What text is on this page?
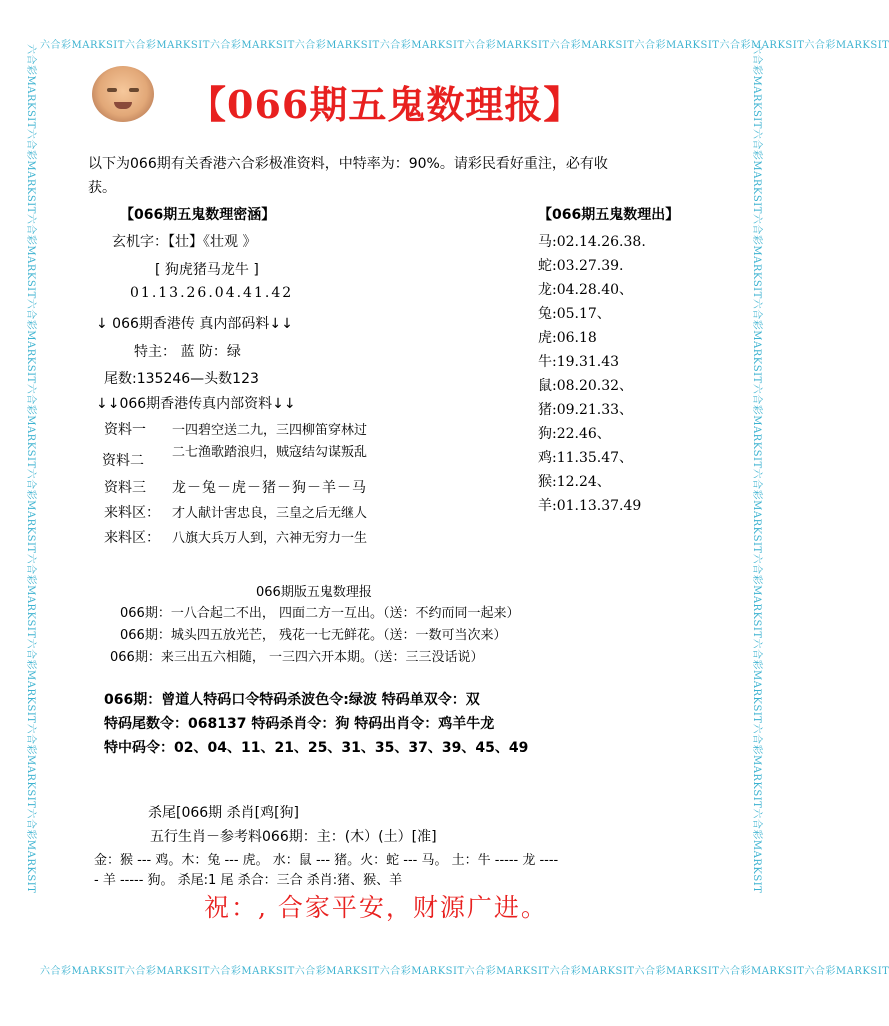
六合彩MARKSIT六合彩MARKSIT六合彩MARKSIT六合彩MARKSIT六合彩MARKSIT六合彩MARKSIT六合彩MARKSIT六合彩MARKSIT六合彩MARKSIT六合彩MARKSIT
六合彩MARKSIT六合彩MARKSIT六合彩MARKSIT六合彩MARKSIT六合彩MARKSIT六合彩MARKSIT六合彩MARKSIT六合彩MARKSIT六合彩MARKSIT六合彩MARKSIT
六合彩MARKSIT六合彩MARKSIT六合彩MARKSIT六合彩MARKSIT六合彩MARKSIT六合彩MARKSIT六合彩MARKSIT六合彩MARKSIT六合彩MARKSIT六合彩MARKSIT	六合彩MARKSIT六合彩MARKSIT六合彩MARKSIT六合彩MARKSIT六合彩MARKSIT六合彩MARKSIT六合彩MARKSIT六合彩MARKSIT六合彩MARKSIT六合彩MARKSIT
【066期五鬼数理报】
以下为066期有关香港六合彩极准资料，中特率为：90%。请彩民看好重注，必有收
获。
【066期五鬼数理密涵】
玄机字：【壮】《壮观 》
[ 狗虎猪马龙牛 ]
01.13.26.04.41.42
↓ 066期香港传 真内部码料↓↓
特主： 蓝 防：绿
尾数:135246—头数123
↓↓066期香港传真内部资料↓↓
资料一 一四碧空送二九，三四柳笛穿林过
资料二
二七渔歌踏浪归，贼寇结勾谋叛乱
资料三 龙－兔－虎－猪－狗－羊－马
来料区： 才人献计害忠良，三皇之后无继人
来料区： 八旗大兵万人到，六神无穷力一生
【066期五鬼数理出】
马:02.14.26.38.
蛇:03.27.39.
龙:04.28.40、
兔:05.17、
虎:06.18
牛:19.31.43
鼠:08.20.32、
猪:09.21.33、
狗:22.46、
鸡:11.35.47、
猴:12.24、
羊:01.13.37.49
066期版五鬼数理报
066期：一八合起二不出， 四面二方一互出。（送：不约而同一起来）
066期：城头四五放光芒， 残花一七无鲜花。（送：一数可当次来）
066期：来三出五六相随， 一三四六开本期。（送：三三没话说）
066期：曾道人特码口令特码杀波色令:绿波 特码单双令：双
特码尾数令：068137 特码杀肖令：狗 特码出肖令：鸡羊牛龙
特中码令：02、04、11、21、25、31、35、37、39、45、49
杀尾[066期 杀肖[鸡[狗]
五行生肖－参考料066期：主：(木）(土）[准]
金：猴 --- 鸡。木：兔 --- 虎。 水：鼠 --- 猪。火：蛇 --- 马。 土：牛 ----- 龙 ----
- 羊 ----- 狗。 杀尾:1 尾 杀合：三合 杀肖:猪、猴、羊
祝：, 合家平安，财源广进。
